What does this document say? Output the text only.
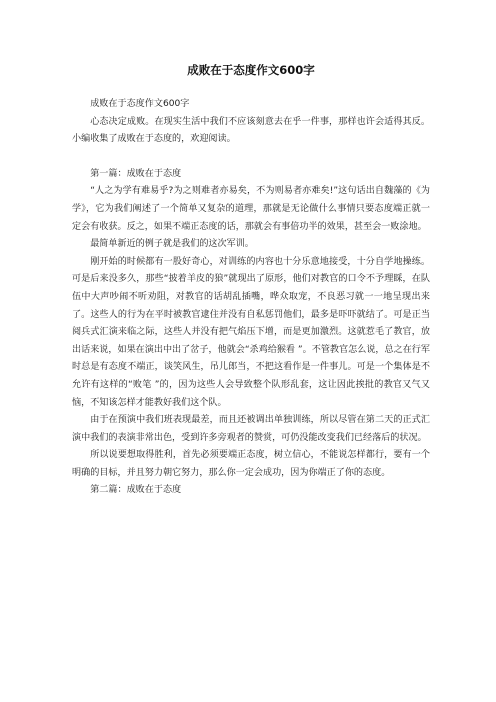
成败在于态度作文600字

成败在于态度作文600字

心态决定成败。在现实生活中我们不应该刻意去在乎一件事，那样也许会适得其反。小编收集了成败在于态度的，欢迎阅读。

第一篇：成败在于态度

“人之为学有难易乎?为之则难者亦易矣，不为则易者亦难矣!”这句话出自魏藻的《为学》，它为我们阐述了一个简单又复杂的道理，那就是无论做什么事情只要态度端正就一定会有收获。反之，如果不端正态度的话，那就会有事倍功半的效果，甚至会一败涂地。

最简单新近的例子就是我们的这次军训。

刚开始的时候都有一股好奇心，对训练的内容也十分乐意地接受，十分自学地操练。可是后来没多久，那些“披着羊皮的狼”就现出了原形，他们对教官的口令不予理睬，在队伍中大声吵闹不听劝阻，对教官的话胡乱插嘴，哗众取宠，不良恶习就一一地呈现出来了。这些人的行为在平时被教官逮住并没有自私惩罚他们，最多是吓吓就结了。可是正当阅兵式汇演来临之际，这些人并没有把气焰压下增，而是更加激烈。这就惹毛了教官，放出话来说，如果在演出中出了岔子，他就会“杀鸡给猴看 ”。不管教官怎么说，总之在行军时总是有态度不端正，谈笑风生，吊儿郎当，不把这看作是一件事儿。可是一个集体是不允许有这样的“败笔 ”的，因为这些人会导致整个队形乱套，这让因此挨批的教官又气又恼，不知该怎样才能教好我们这个队。

由于在预演中我们班表现最差，而且还被调出单独训练，所以尽管在第二天的正式汇演中我们的表演非常出色，受到许多旁观者的赞赏，可仍没能改变我们已经落后的状况。

所以说要想取得胜利，首先必须要端正态度，树立信心，不能说怎样都行，要有一个明确的目标，并且努力朝它努力，那么你一定会成功，因为你端正了你的态度。

第二篇：成败在于态度
